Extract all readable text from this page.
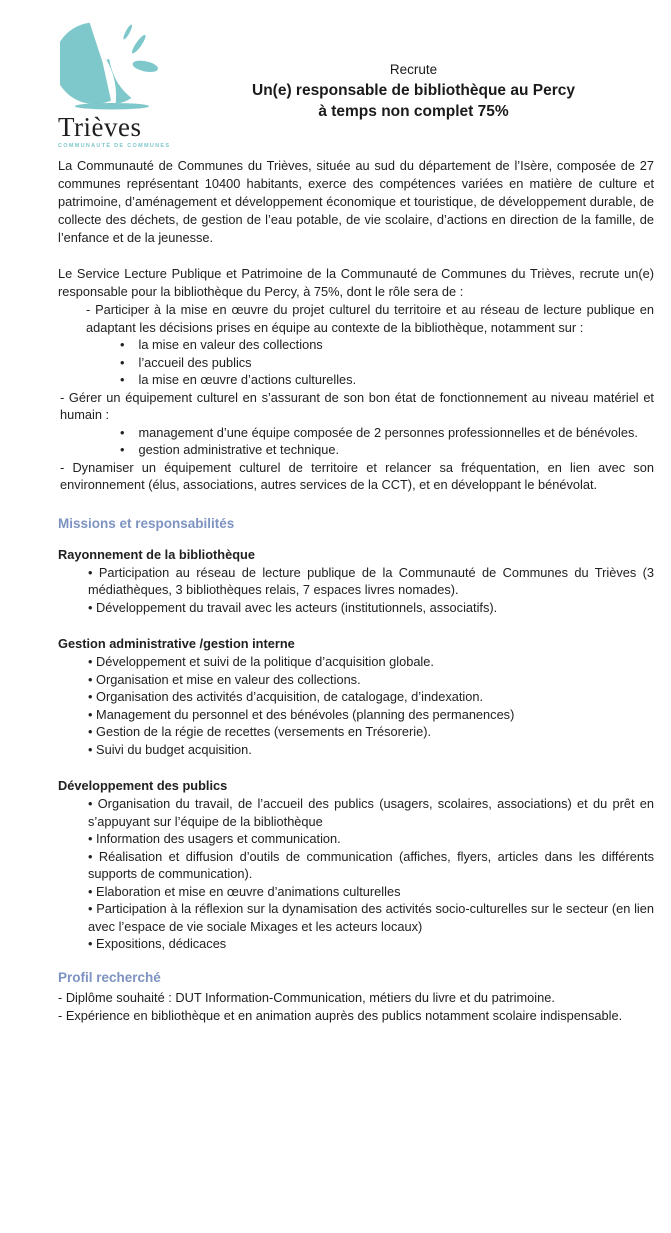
Trièves
COMMUNAUTÉ DE COMMUNES
Recrute
Un(e) responsable de bibliothèque au Percy
à temps non complet 75%

La Communauté de Communes du Trièves, située au sud du département de l’Isère, composée de 27 communes représentant 10400 habitants, exerce des compétences variées en matière de culture et patrimoine, d’aménagement et développement économique et touristique, de développement durable, de collecte des déchets, de gestion de l’eau potable, de vie scolaire, d’actions en direction de la famille, de l’enfance et de la jeunesse.

Le Service Lecture Publique et Patrimoine de la Communauté de Communes du Trièves, recrute un(e) responsable pour la bibliothèque du Percy, à 75%, dont le rôle sera de :

- Participer à la mise en œuvre du projet culturel du territoire et au réseau de lecture publique en adaptant les décisions prises en équipe au contexte de la bibliothèque, notamment sur :
• la mise en valeur des collections
• l’accueil des publics
• la mise en œuvre d’actions culturelles.
- Gérer un équipement culturel en s’assurant de son bon état de fonctionnement au niveau matériel et humain :
• management d’une équipe composée de 2 personnes professionnelles et de bénévoles.
• gestion administrative et technique.
- Dynamiser un équipement culturel de territoire et relancer sa fréquentation, en lien avec son environnement (élus, associations, autres services de la CCT), et en développant le bénévolat.
Missions et responsabilités
Rayonnement de la bibliothèque
• Participation au réseau de lecture publique de la Communauté de Communes du Trièves (3 médiathèques, 3 bibliothèques relais, 7 espaces livres nomades).
• Développement du travail avec les acteurs (institutionnels, associatifs).
Gestion administrative /gestion interne
• Développement et suivi de la politique d’acquisition globale.
• Organisation et mise en valeur des collections.
• Organisation des activités d’acquisition, de catalogage, d’indexation.
• Management du personnel et des bénévoles (planning des permanences)
• Gestion de la régie de recettes (versements en Trésorerie).
• Suivi du budget acquisition.
Développement des publics
• Organisation du travail, de l’accueil des publics (usagers, scolaires, associations) et du prêt en s’appuyant sur l’équipe de la bibliothèque
• Information des usagers et communication.
• Réalisation et diffusion d’outils de communication (affiches, flyers, articles dans les différents supports de communication).
• Elaboration et mise en œuvre d’animations culturelles
• Participation à la réflexion sur la dynamisation des activités socio-culturelles sur le secteur (en lien avec l’espace de vie sociale Mixages et les acteurs locaux)
• Expositions, dédicaces
Profil recherché
- Diplôme souhaité : DUT Information-Communication, métiers du livre et du patrimoine.
- Expérience en bibliothèque et en animation auprès des publics notamment scolaire indispensable.
